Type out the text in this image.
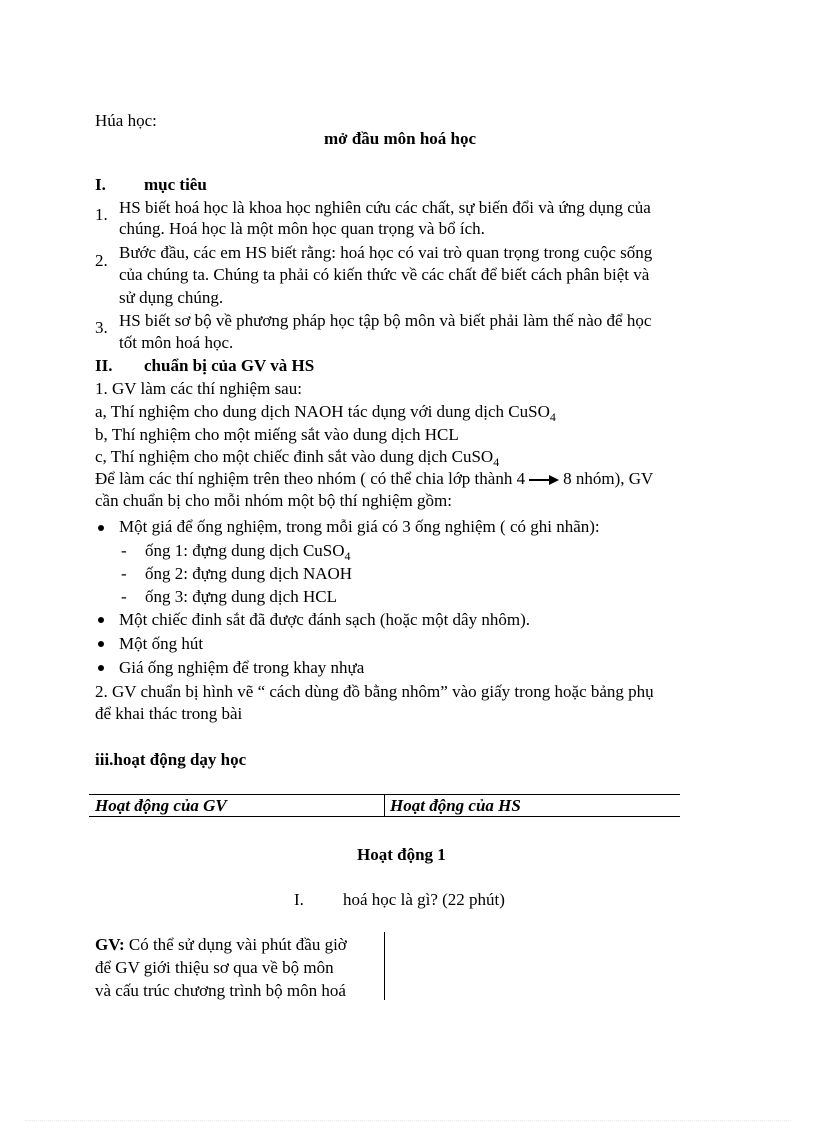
Húa học:
mở đầu môn hoá học
I. mục tiêu
1. HS biết hoá học là khoa học nghiên cứu các chất, sự biến đổi và ứng dụng của
chúng. Hoá học là một môn học quan trọng và bổ ích.
2. Bước đầu, các em HS biết rằng: hoá học có vai trò quan trọng trong cuộc sống
của chúng ta. Chúng ta phải có kiến thức về các chất để biết cách phân biệt và
sử dụng chúng.
3. HS biết sơ bộ về phương pháp học tập bộ môn và biết phải làm thế nào để học
tốt môn hoá học.
II. chuẩn bị của GV và HS
1. GV làm các thí nghiệm sau:
a, Thí nghiệm cho dung dịch NAOH tác dụng với dung dịch CuSO$_4$
b, Thí nghiệm cho một miếng sắt vào dung dịch HCL
c, Thí nghiệm cho một chiếc đinh sắt vào dung dịch CuSO$_4$
Để làm các thí nghiệm trên theo nhóm ( có thể chia lớp thành 4 8 nhóm), GV
cần chuẩn bị cho mỗi nhóm một bộ thí nghiệm gồm:
Một giá để ống nghiệm, trong mỗi giá có 3 ống nghiệm ( có ghi nhãn):
- ống 1: đựng dung dịch CuSO$_4$
- ống 2: đựng dung dịch NAOH
- ống 3: đựng dung dịch HCL
Một chiếc đinh sắt đã được đánh sạch (hoặc một dây nhôm).
Một ống hút
Giá ống nghiệm để trong khay nhựa
2. GV chuẩn bị hình vẽ “ cách dùng đồ bằng nhôm” vào giấy trong hoặc bảng phụ
để khai thác trong bài
iii.hoạt động dạy học
Hoạt động của GV	Hoạt động của HS
Hoạt động 1
I. hoá học là gì? (22 phút)
GV: Có thể sử dụng vài phút đầu giờ
để GV giới thiệu sơ qua về bộ môn
và cấu trúc chương trình bộ môn hoá
